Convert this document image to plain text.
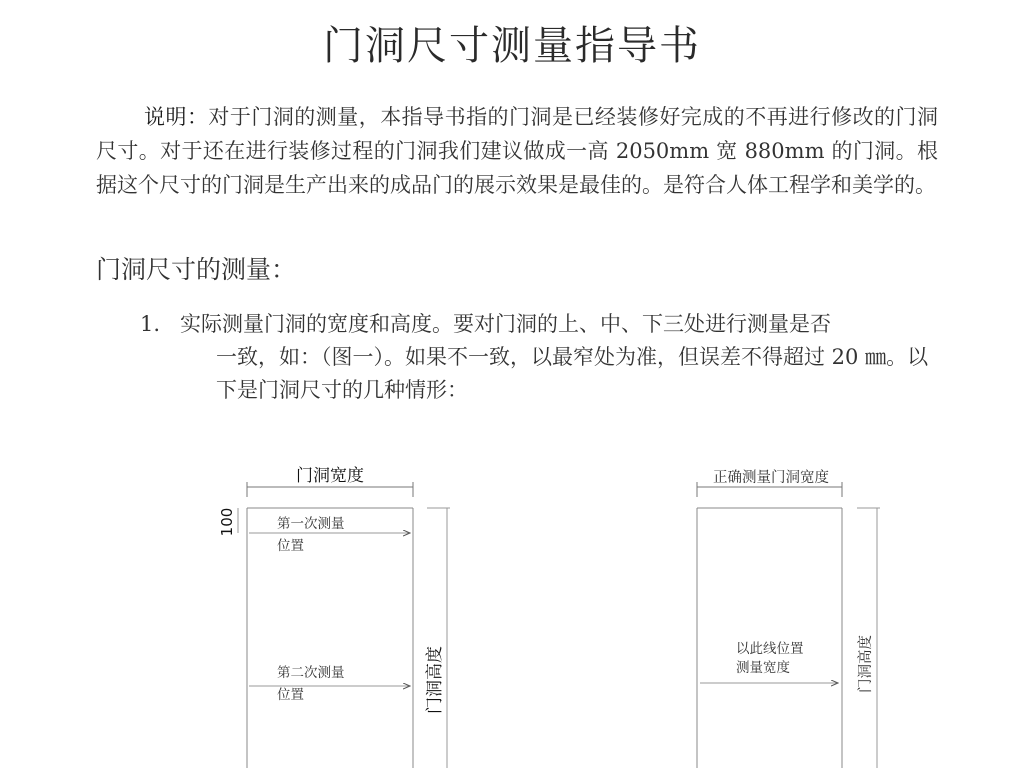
门洞尺寸测量指导书
说明：对于门洞的测量，本指导书指的门洞是已经装修好完成的不再进行修改的门洞尺寸。对于还在进行装修过程的门洞我们建议做成一高 2050mm 宽 880mm 的门洞。根据这个尺寸的门洞是生产出来的成品门的展示效果是最佳的。是符合人体工程学和美学的。
门洞尺寸的测量：
1. 实际测量门洞的宽度和高度。要对门洞的上、中、下三处进行测量是否
一致，如：（图一）。如果不一致，以最窄处为准，但误差不得超过 20 ㎜。以下是门洞尺寸的几种情形：
门洞宽度
100	第一次测量
位置
第二次测量
位置	门洞高度
正确测量门洞宽度
以此线位置
测量宽度	门洞高度
